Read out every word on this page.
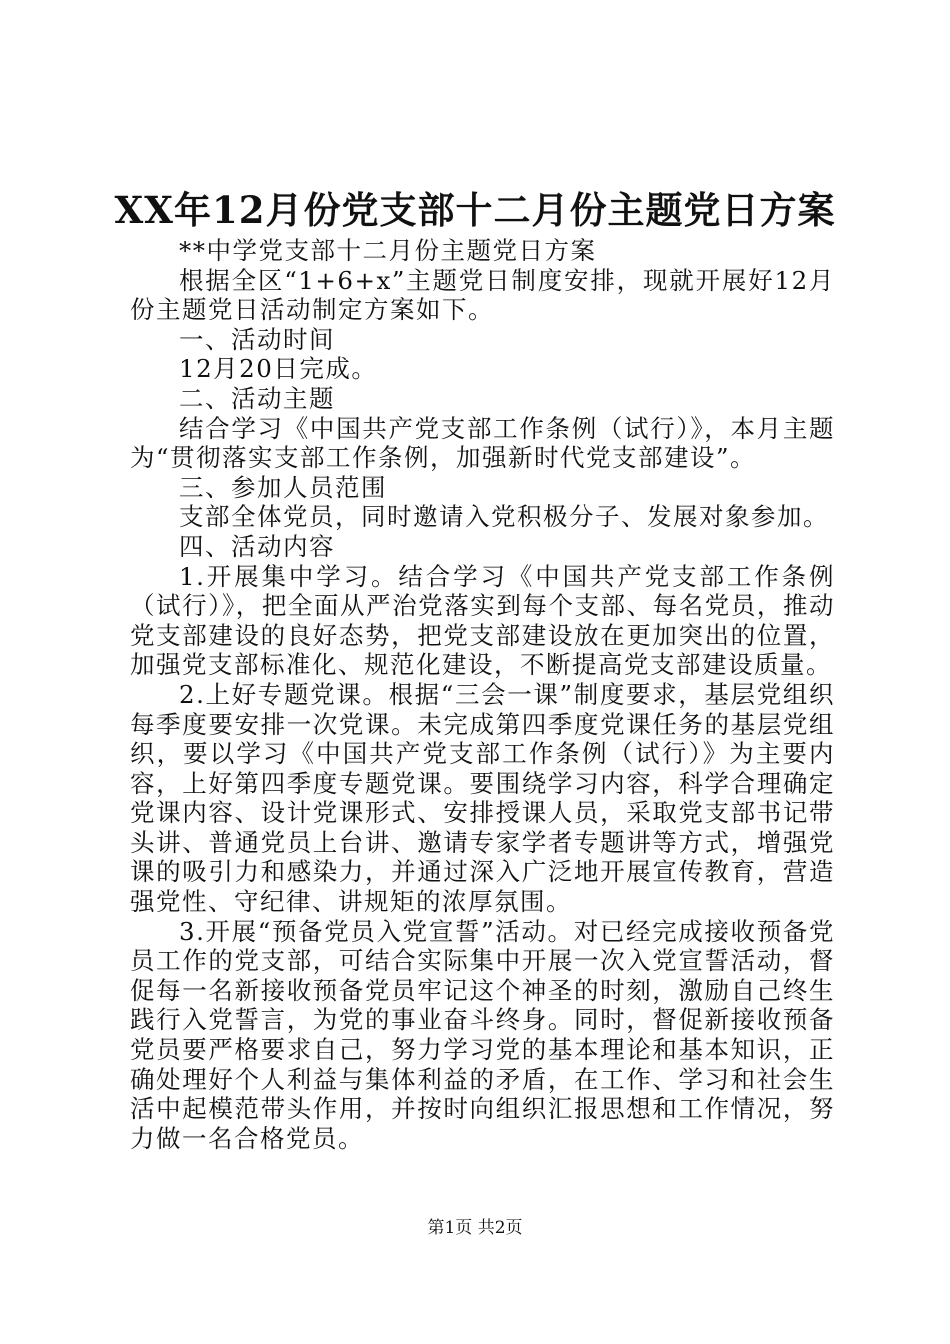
XX年12月份党支部十二月份主题党日方案

**中学党支部十二月份主题党日方案

根据全区“1+6+x”主题党日制度安排，现就开展好12月份主题党日活动制定方案如下。

一、活动时间

12月20日完成。

二、活动主题

结合学习《中国共产党支部工作条例（试行）》，本月主题为“贯彻落实支部工作条例，加强新时代党支部建设”。

三、参加人员范围

支部全体党员，同时邀请入党积极分子、发展对象参加。

四、活动内容

1.开展集中学习。结合学习《中国共产党支部工作条例（试行）》，把全面从严治党落实到每个支部、每名党员，推动党支部建设的良好态势，把党支部建设放在更加突出的位置，加强党支部标准化、规范化建设，不断提高党支部建设质量。

2.上好专题党课。根据“三会一课”制度要求，基层党组织每季度要安排一次党课。未完成第四季度党课任务的基层党组织，要以学习《中国共产党支部工作条例（试行）》为主要内容，上好第四季度专题党课。要围绕学习内容，科学合理确定党课内容、设计党课形式、安排授课人员，采取党支部书记带头讲、普通党员上台讲、邀请专家学者专题讲等方式，增强党课的吸引力和感染力，并通过深入广泛地开展宣传教育，营造强党性、守纪律、讲规矩的浓厚氛围。

3.开展“预备党员入党宣誓”活动。对已经完成接收预备党员工作的党支部，可结合实际集中开展一次入党宣誓活动，督促每一名新接收预备党员牢记这个神圣的时刻，激励自己终生践行入党誓言，为党的事业奋斗终身。同时，督促新接收预备党员要严格要求自己，努力学习党的基本理论和基本知识，正确处理好个人利益与集体利益的矛盾，在工作、学习和社会生活中起模范带头作用，并按时向组织汇报思想和工作情况，努力做一名合格党员。

第1页 共2页
